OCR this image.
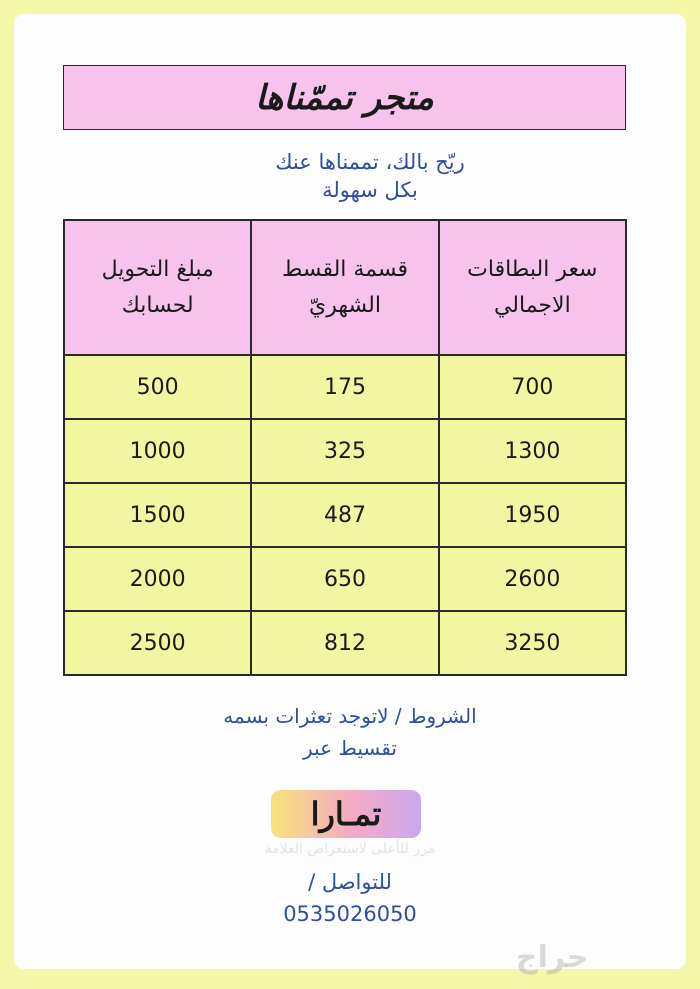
متجر تممّناها
ريّح بالك، تممناها عنك
بكل سهولة
سعر البطاقات الاجمالي	قسمة القسط الشهريّ	مبلغ التحويل لحسابك
700	175	500
1300	325	1000
1950	487	1500
2600	650	2000
3250	812	2500
الشروط / لاتوجد تعثرات بسمه
تقسيط عبر
تمـارا
مرر للأعلى لاستعراض العلامة
للتواصل /
0535026050
حراج
